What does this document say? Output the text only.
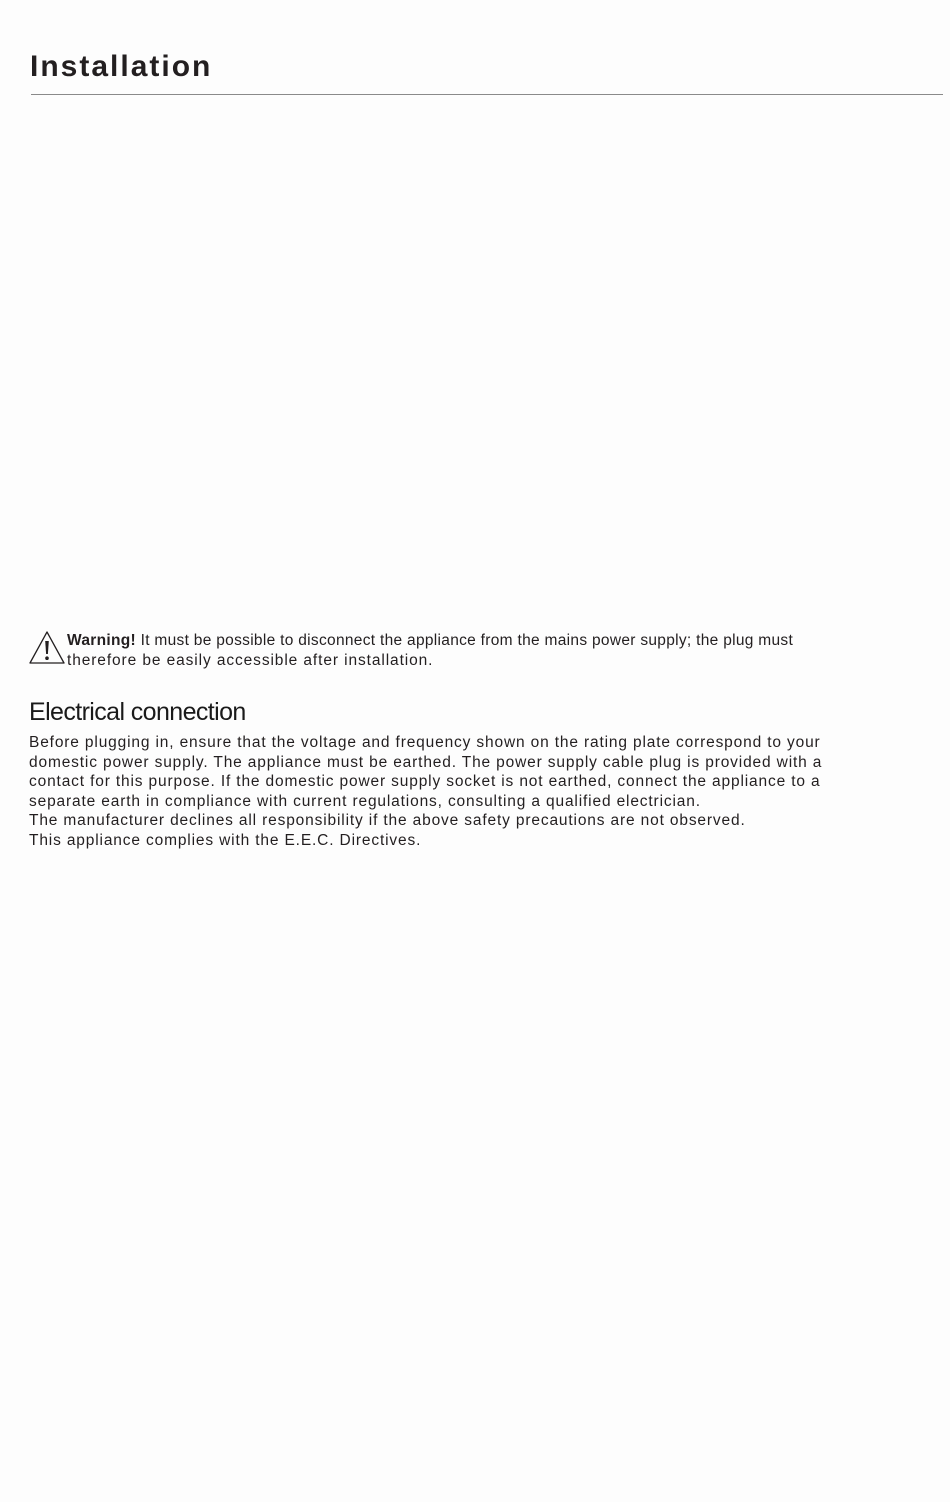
Installation

Warning! It must be possible to disconnect the appliance from the mains power supply; the plug must
therefore be easily accessible after installation.

Electrical connection
Before plugging in, ensure that the voltage and frequency shown on the rating plate correspond to your
domestic power supply. The appliance must be earthed. The power supply cable plug is provided with a
contact for this purpose. If the domestic power supply socket is not earthed, connect the appliance to a
separate earth in compliance with current regulations, consulting a qualified electrician.
The manufacturer declines all responsibility if the above safety precautions are not observed.
This appliance complies with the E.E.C. Directives.
